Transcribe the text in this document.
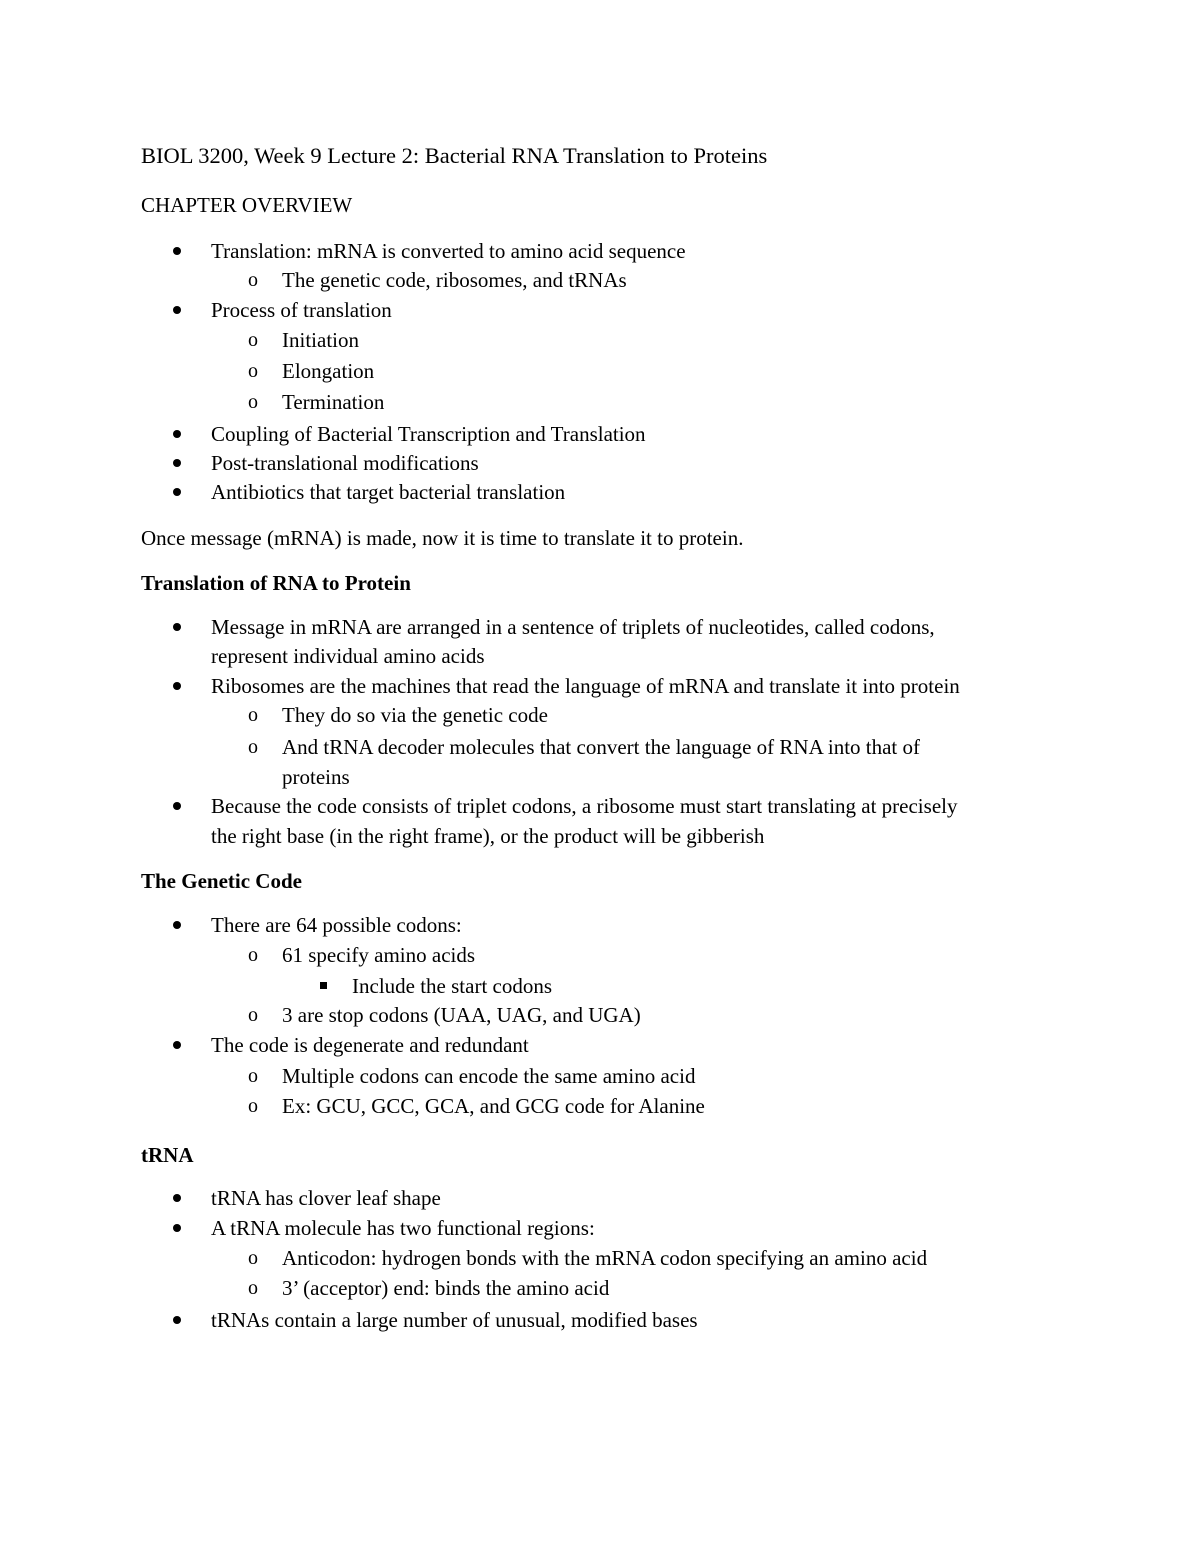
BIOL 3200, Week 9 Lecture 2: Bacterial RNA Translation to Proteins
CHAPTER OVERVIEW
Translation: mRNA is converted to amino acid sequence
o The genetic code, ribosomes, and tRNAs
Process of translation
o Initiation
o Elongation
o Termination
Coupling of Bacterial Transcription and Translation
Post-translational modifications
Antibiotics that target bacterial translation
Once message (mRNA) is made, now it is time to translate it to protein.
Translation of RNA to Protein
Message in mRNA are arranged in a sentence of triplets of nucleotides, called codons,
represent individual amino acids
Ribosomes are the machines that read the language of mRNA and translate it into protein
o They do so via the genetic code
o And tRNA decoder molecules that convert the language of RNA into that of
proteins
Because the code consists of triplet codons, a ribosome must start translating at precisely
the right base (in the right frame), or the product will be gibberish
The Genetic Code
There are 64 possible codons:
o 61 specify amino acids
Include the start codons
o 3 are stop codons (UAA, UAG, and UGA)
The code is degenerate and redundant
o Multiple codons can encode the same amino acid
o Ex: GCU, GCC, GCA, and GCG code for Alanine
tRNA
tRNA has clover leaf shape
A tRNA molecule has two functional regions:
o Anticodon: hydrogen bonds with the mRNA codon specifying an amino acid
o 3’ (acceptor) end: binds the amino acid
tRNAs contain a large number of unusual, modified bases
